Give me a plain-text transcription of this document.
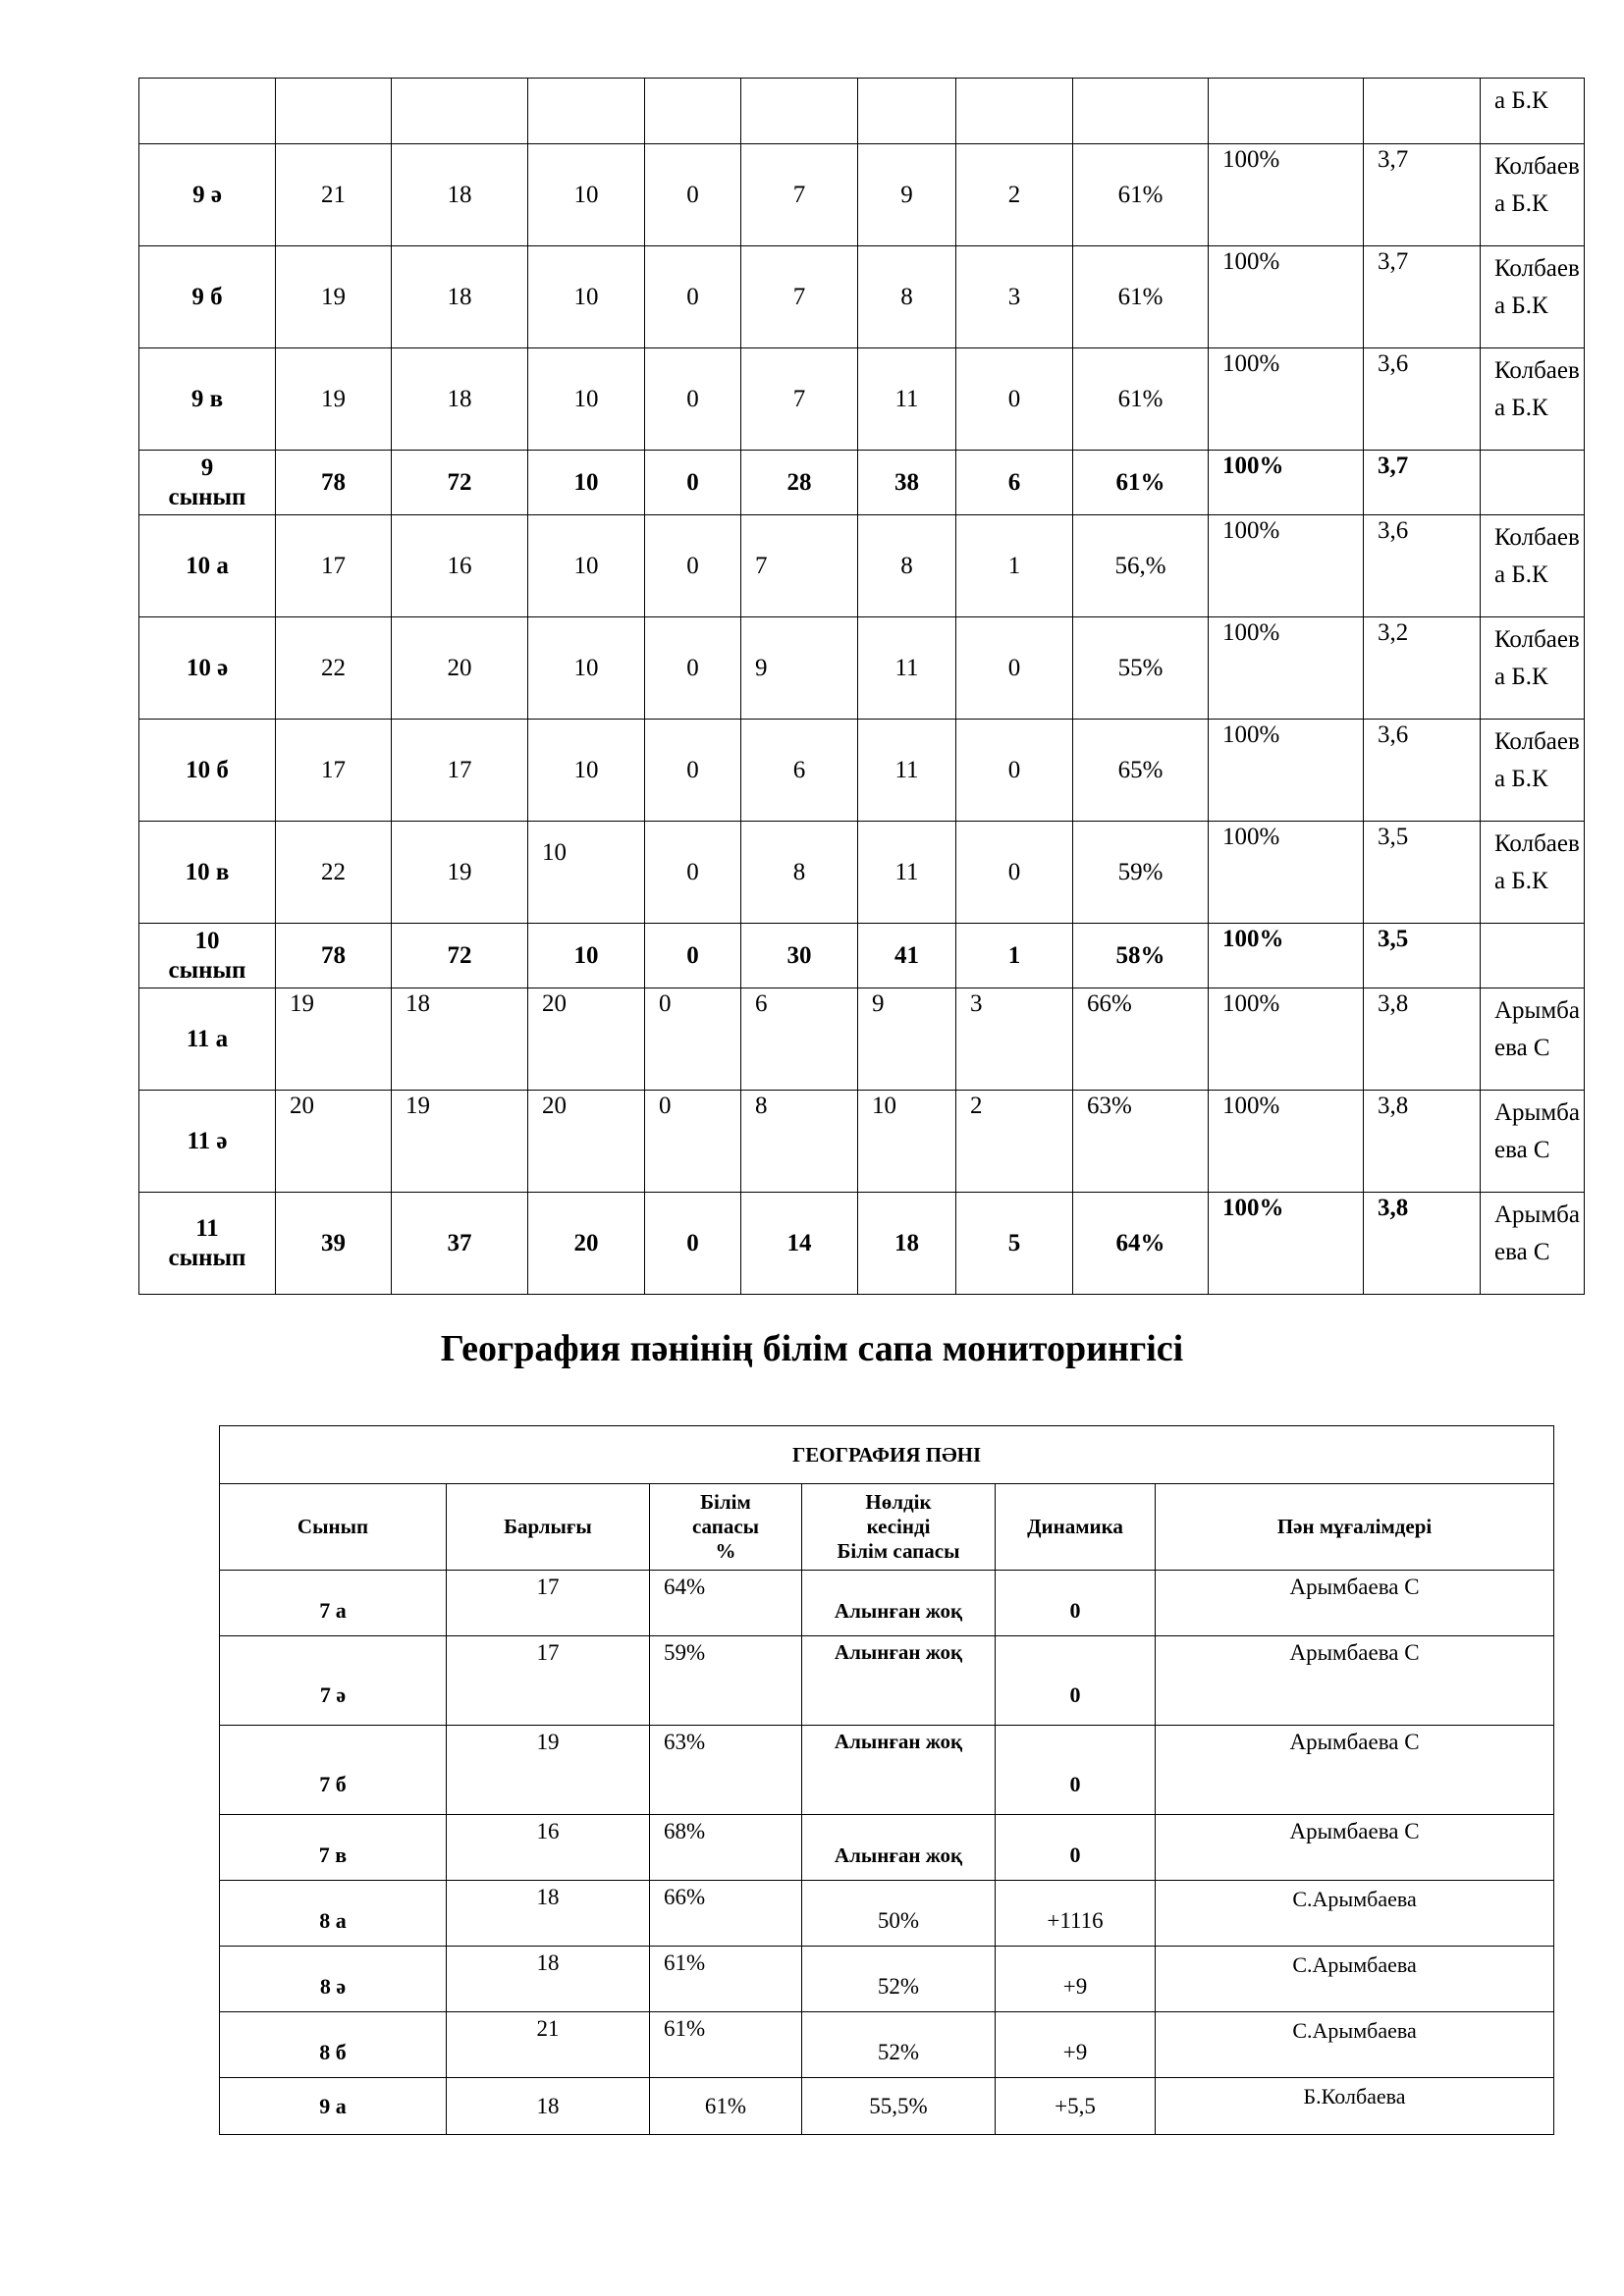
											а Б.К
9 ә	21	18	10	0	7	9	2	61%	100%	3,7	Колбаев
а Б.К
9 б	19	18	10	0	7	8	3	61%	100%	3,7	Колбаев
а Б.К
9 в	19	18	10	0	7	11	0	61%	100%	3,6	Колбаев
а Б.К
9
сынып	78	72	10	0	28	38	6	61%	100%	3,7	
10 а	17	16	10	0	7	8	1	56,%	100%	3,6	Колбаев
а Б.К
10 ә	22	20	10	0	9	11	0	55%	100%	3,2	Колбаев
а Б.К
10 б	17	17	10	0	6	11	0	65%	100%	3,6	Колбаев
а Б.К
10 в	22	19	10	0	8	11	0	59%	100%	3,5	Колбаев
а Б.К
10
сынып	78	72	10	0	30	41	1	58%	100%	3,5	
11 а	19	18	20	0	6	9	3	66%	100%	3,8	Арымба
ева С
11 ә	20	19	20	0	8	10	2	63%	100%	3,8	Арымба
ева С
11
сынып	39	37	20	0	14	18	5	64%	100%	3,8	Арымба
ева С
География пәнінің білім сапа мониторингісі
ГЕОГРАФИЯ ПӘНІ					
Сынып	Барлығы	Білім
сапасы
%	Нөлдік
кесінді
Білім сапасы	Динамика	Пән мұғалімдері
7 а	17	64%	Алынған жоқ	0	Арымбаева С
7 ә	17	59%	Алынған жоқ	0	Арымбаева С
7 б	19	63%	Алынған жоқ	0	Арымбаева С
7 в	16	68%	Алынған жоқ	0	Арымбаева С
8 а	18	66%	50%	+1116	С.Арымбаева
8 ә	18	61%	52%	+9	С.Арымбаева
8 б	21	61%	52%	+9	С.Арымбаева
9 а	18	61%	55,5%	+5,5	Б.Колбаева
